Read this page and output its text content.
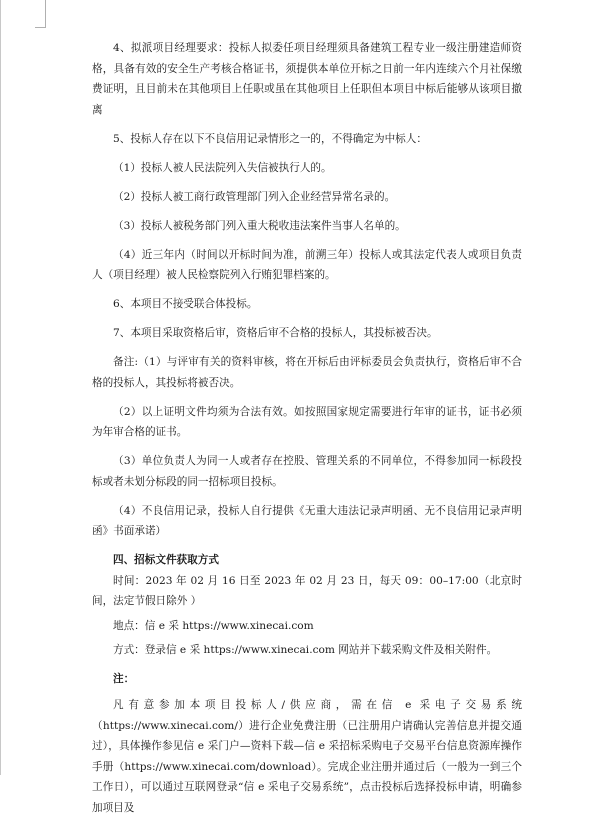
4、拟派项目经理要求：投标人拟委任项目经理须具备建筑工程专业一级注册建造师资格，具备有效的安全生产考核合格证书，须提供本单位开标之日前一年内连续六个月社保缴费证明，且目前未在其他项目上任职或虽在其他项目上任职但本项目中标后能够从该项目撤离

5、投标人存在以下不良信用记录情形之一的，不得确定为中标人：

（1）投标人被人民法院列入失信被执行人的。

（2）投标人被工商行政管理部门列入企业经营异常名录的。

（3）投标人被税务部门列入重大税收违法案件当事人名单的。

（4）近三年内（时间以开标时间为准，前溯三年）投标人或其法定代表人或项目负责人（项目经理）被人民检察院列入行贿犯罪档案的。

6、本项目不接受联合体投标。

7、本项目采取资格后审，资格后审不合格的投标人，其投标被否决。

备注:（1）与评审有关的资料审核，将在开标后由评标委员会负责执行，资格后审不合格的投标人，其投标将被否决。

（2）以上证明文件均须为合法有效。如按照国家规定需要进行年审的证书，证书必须为年审合格的证书。

（3）单位负责人为同一人或者存在控股、管理关系的不同单位，不得参加同一标段投标或者未划分标段的同一招标项目投标。

（4）不良信用记录，投标人自行提供《无重大违法记录声明函、无不良信用记录声明函》书面承诺）

四、招标文件获取方式

时间：2023 年 02 月 16 日至 2023 年 02 月 23 日，每天 09：00–17:00（北京时间，法定节假日除外 ）

地点：信 e 采 https://www.xinecai.com

方式：登录信 e 采 https://www.xinecai.com 网站并下载采购文件及相关附件。

注：

凡有意参加本项目投标人/供应商，需在信 e 采电子交易系统（https://www.xinecai.com/）进行企业免费注册（已注册用户请确认完善信息并提交通过），具体操作参见信 e 采门户—资料下载—信 e 采招标采购电子交易平台信息资源库操作手册（https://www.xinecai.com/download）。完成企业注册并通过后（一般为一到三个工作日），可以通过互联网登录“信 e 采电子交易系统”，点击投标后选择投标申请，明确参加项目及
